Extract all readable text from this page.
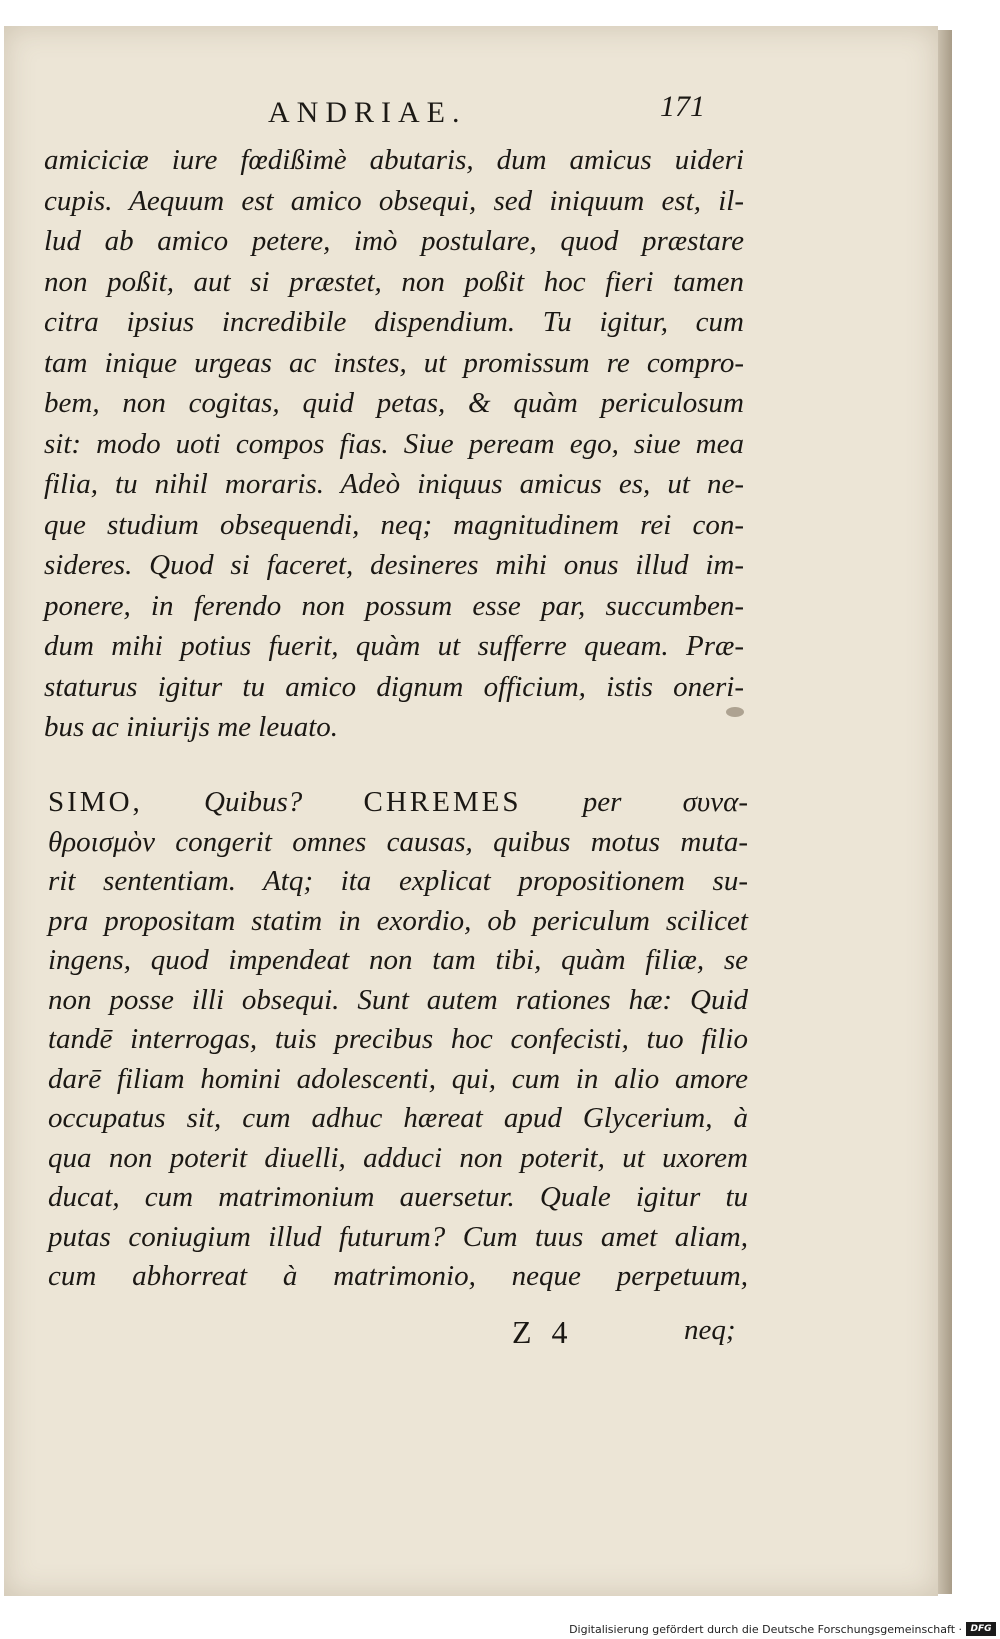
ANDRIAE.	171
amiciciæ iure fœdißimè abutaris, dum amicus uideri
cupis. Aequum est amico obsequi, sed iniquum est, il-
lud ab amico petere, imò postulare, quod præstare
non poßit, aut si præstet, non poßit hoc fieri tamen
citra ipsius incredibile dispendium. Tu igitur, cum
tam inique urgeas ac instes, ut promissum re compro-
bem, non cogitas, quid petas, & quàm periculosum
sit: modo uoti compos fias. Siue peream ego, siue mea
filia, tu nihil moraris. Adeò iniquus amicus es, ut ne-
que studium obsequendi, neq; magnitudinem rei con-
sideres. Quod si faceret, desineres mihi onus illud im-
ponere, in ferendo non possum esse par, succumben-
dum mihi potius fuerit, quàm ut sufferre queam. Præ-
staturus igitur tu amico dignum officium, istis oneri-
bus ac iniurijs me leuato.
SIMO, Quibus? CHREMES per συνα-
θροισμὸν congerit omnes causas, quibus motus muta-
rit sententiam. Atq; ita explicat propositionem su-
pra propositam statim in exordio, ob periculum scilicet
ingens, quod impendeat non tam tibi, quàm filiæ, se
non posse illi obsequi. Sunt autem rationes hæ: Quid
tandē interrogas, tuis precibus hoc confecisti, tuo filio
darē filiam homini adolescenti, qui, cum in alio amore
occupatus sit, cum adhuc hæreat apud Glycerium, à
qua non poterit diuelli, adduci non poterit, ut uxorem
ducat, cum matrimonium auersetur. Quale igitur tu
putas coniugium illud futurum? Cum tuus amet aliam,
cum abhorreat à matrimonio, neque perpetuum,
Z 4	neq;
Digitalisierung gefördert durch die Deutsche Forschungsgemeinschaft · DFG
